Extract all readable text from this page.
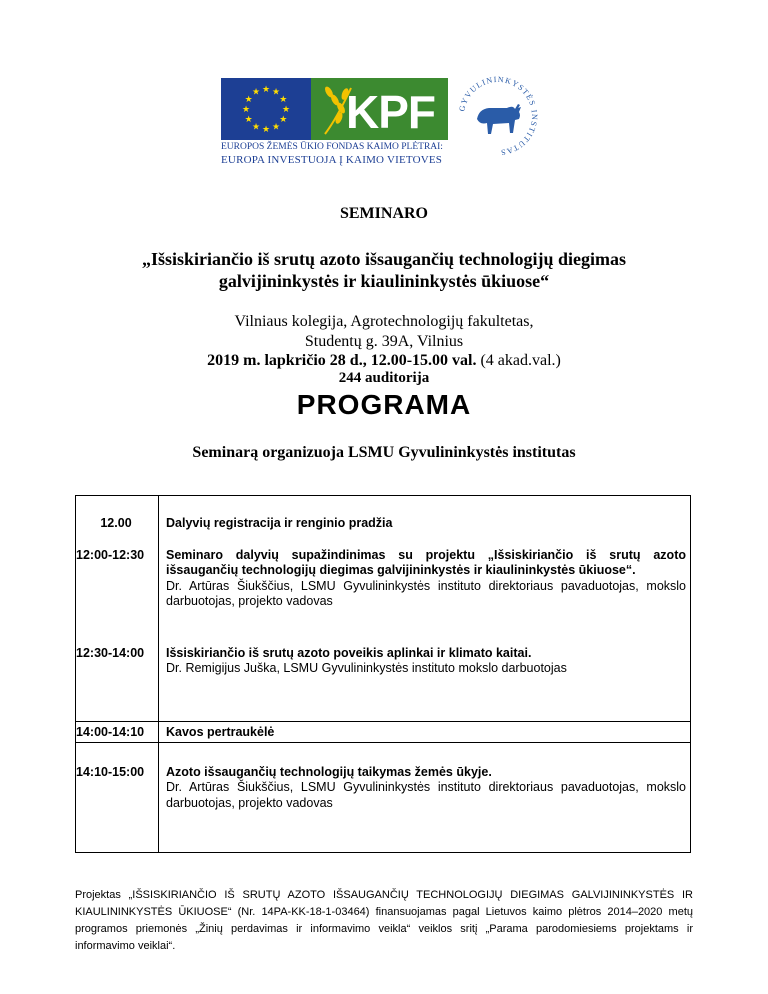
★ ★
★
★
★
★
★
★
★
★
★
★ KPF
EUROPOS ŽEMĖS ŪKIO FONDAS KAIMO PLĖTRAI:
EUROPA INVESTUOJA Į KAIMO VIETOVES
GYVULININKYSTĖS INSTITUTAS
SEMINARO
„Išsiskiriančio iš srutų azoto išsaugančių technologijų diegimas
galvijininkystės ir kiaulininkystės ūkiuose“
Vilniaus kolegija, Agrotechnologijų fakultetas,
Studentų g. 39A, Vilnius
2019 m. lapkričio 28 d., 12.00-15.00 val. (4 akad.val.)
244 auditorija
PROGRAMA
Seminarą organizuoja LSMU Gyvulininkystės institutas
12.00	Dalyvių registracija ir renginio pradžia
12:00-12:30	Seminaro dalyvių supažindinimas su projektu „Išsiskiriančio iš srutų azoto išsaugančių technologijų diegimas galvijininkystės ir kiaulininkystės ūkiuose“.
Dr. Artūras Šiukščius, LSMU Gyvulininkystės instituto direktoriaus pavaduotojas, mokslo darbuotojas, projekto vadovas
12:30-14:00	Išsiskiriančio iš srutų azoto poveikis aplinkai ir klimato kaitai.
Dr. Remigijus Juška, LSMU Gyvulininkystės instituto mokslo darbuotojas
14:00-14:10	Kavos pertraukėlė
14:10-15:00	Azoto išsaugančių technologijų taikymas žemės ūkyje.
Dr. Artūras Šiukščius, LSMU Gyvulininkystės instituto direktoriaus pavaduotojas, mokslo darbuotojas, projekto vadovas
Projektas „IŠSISKIRIANČIO IŠ SRUTŲ AZOTO IŠSAUGANČIŲ TECHNOLOGIJŲ DIEGIMAS GALVIJININKYSTĖS IR KIAULININKYSTĖS ŪKIUOSE“ (Nr. 14PA-KK-18-1-03464) finansuojamas pagal Lietuvos kaimo plėtros 2014–2020 metų programos priemonės „Žinių perdavimas ir informavimo veikla“ veiklos sritį „Parama parodomiesiems projektams ir informavimo veiklai“.
